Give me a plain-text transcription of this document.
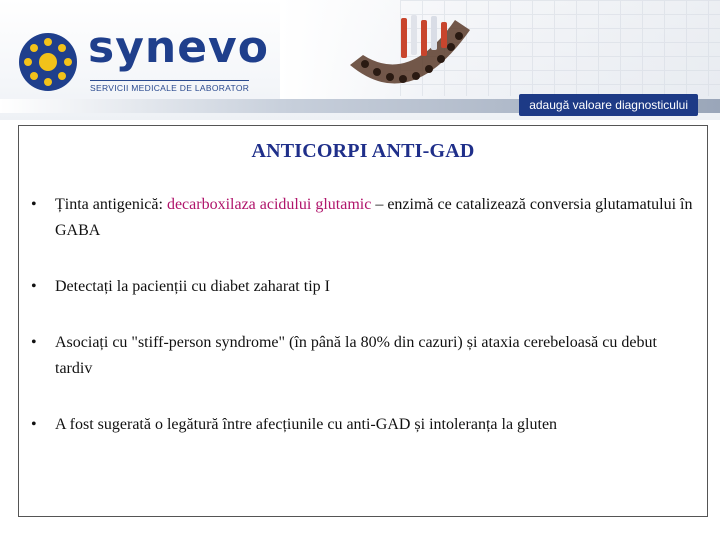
synevo
SERVICII MEDICALE DE LABORATOR
adaugă valoare diagnosticului
ANTICORPI ANTI-GAD
• Ținta antigenică: decarboxilaza acidului glutamic – enzimă ce catalizează conversia glutamatului în GABA
• Detectați la pacienții cu diabet zaharat tip I
• Asociați cu "stiff-person syndrome" (în până la 80% din cazuri) și ataxia cerebeloasă cu debut tardiv
• A fost sugerată o legătură între afecțiunile cu anti-GAD și intoleranța la gluten
